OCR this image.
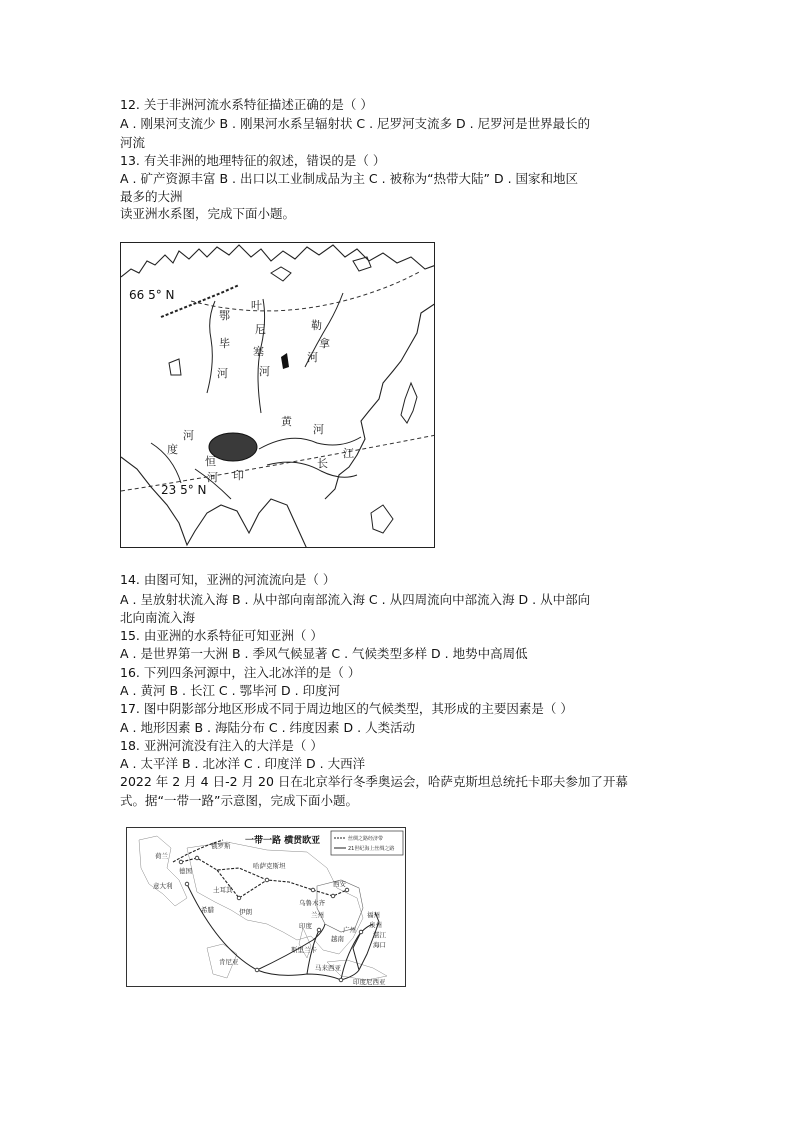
12. 关于非洲河流水系特征描述正确的是（ ）
A . 刚果河支流少 B . 刚果河水系呈辐射状 C . 尼罗河支流多 D . 尼罗河是世界最长的
河流
13. 有关非洲的地理特征的叙述，错误的是（ ）
A . 矿产资源丰富 B . 出口以工业制成品为主 C . 被称为“热带大陆” D . 国家和地区
最多的大洲
读亚洲水系图，完成下面小题。
66 5° N
23 5° N
鄂
毕
河
叶
尼
塞
河
勒
拿
河
黄
河
长
江
恒
河 印
度
河
14. 由图可知，亚洲的河流流向是（ ）
A . 呈放射状流入海 B . 从中部向南部流入海 C . 从四周流向中部流入海 D . 从中部向
北向南流入海
15. 由亚洲的水系特征可知亚洲（ ）
A . 是世界第一大洲 B . 季风气候显著 C . 气候类型多样 D . 地势中高周低
16. 下列四条河源中，注入北冰洋的是（ ）
A . 黄河 B . 长江 C . 鄂毕河 D . 印度河
17. 图中阴影部分地区形成不同于周边地区的气候类型，其形成的主要因素是（ ）
A . 地形因素 B . 海陆分布 C . 纬度因素 D . 人类活动
18. 亚洲河流没有注入的大洋是（ ）
A . 太平洋 B . 北冰洋 C . 印度洋 D . 大西洋
2022 年 2 月 4 日-2 月 20 日在北京举行冬季奥运会，哈萨克斯坦总统托卡耶夫参加了开幕
式。据“一带一路”示意图，完成下面小题。
一带一路 横贯欧亚	丝绸之路经济带
21世纪海上丝绸之路
荷兰
德国
俄罗斯
意大利	土耳其
哈萨克斯坦
乌鲁木齐
兰州
西安
希腊	伊朗	福州
泉州
湛江
海口
广州
印度
越南
斯里兰卡
肯尼亚
马来西亚
印度尼西亚
